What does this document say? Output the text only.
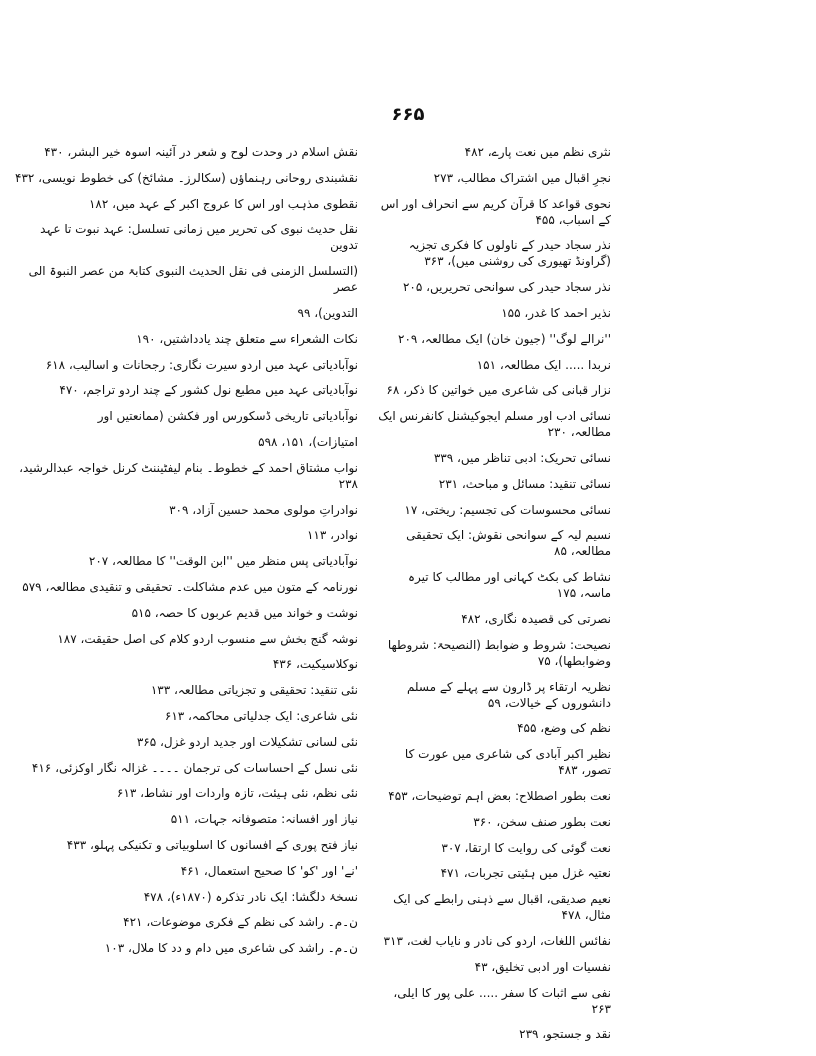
۶۶۵
نثری نظم میں نعت پارے، ۴۸۲
نجرِ اقبال میں اشتراک مطالب، ۲۷۳
نحوی قواعد کا قرآن کریم سے انحراف اور اس کے اسباب، ۴۵۵
نذر سجاد حیدر کے ناولوں کا فکری تجزیہ (گراونڈ تھیوری کی روشنی میں)، ۳۶۳
نذر سجاد حیدر کی سوانحی تحریریں، ۲۰۵
نذیر احمد کا غدر، ۱۵۵
''نرالے لوگ'' (جیون خان) ایک مطالعہ، ۲۰۹
نربدا ..... ایک مطالعہ، ۱۵۱
نزار قبانی کی شاعری میں خواتین کا ذکر، ۶۸
نسائی ادب اور مسلم ایجوکیشنل کانفرنس ایک مطالعہ، ۲۳۰
نسائی تحریک: ادبی تناظر میں، ۳۳۹
نسائی تنقید: مسائل و مباحث، ۲۳۱
نسائی محسوسات کی تجسیم: ریختی، ۱۷
نسیم لیہ کے سوانحی نقوش: ایک تحقیقی مطالعہ، ۸۵
نشاط کی بکٹ کہانی اور مطالب کا تیرہ ماسہ، ۱۷۵
نصرتی کی قصیدہ نگاری، ۴۸۲
نصیحت: شروط و ضوابط (النصیحۃ: شروطھا وضوابطھا)، ۷۵
نظریہ ارتقاء پر ڈارون سے پہلے کے مسلم دانشوروں کے خیالات، ۵۹
نظم کی وضع، ۴۵۵
نظیر اکبر آبادی کی شاعری میں عورت کا تصور، ۴۸۳
نعت بطور اصطلاح: بعض اہم توضیحات، ۴۵۳
نعت بطور صنف سخن، ۳۶۰
نعت گوئی کی روایت کا ارتقا، ۳۰۷
نعتیہ غزل میں ہئیتی تجربات، ۴۷۱
نعیم صدیقی، اقبال سے ذہنی رابطے کی ایک مثال، ۴۷۸
نفائس اللغات، اردو کی نادر و نایاب لغت، ۳۱۳
نفسیات اور ادبی تخلیق، ۴۳
نفی سے اثبات کا سفر ..... علی پور کا ایلی، ۲۶۳
نقد و جستجو، ۲۳۹
نقش اسلام در وحدت لوح و شعر در آئینہ اسوہ خیر البشر، ۴۳۰
نقشبندی روحانی رہنماؤں (سکالرز۔ مشائخ) کی خطوط نویسی، ۴۳۲
نقطوی مذہب اور اس کا عروج اکبر کے عہد میں، ۱۸۲
نقل حدیث نبوی کی تحریر میں زمانی تسلسل: عہد نبوت تا عہد تدوین
(التسلسل الزمنی فی نقل الحدیث النبوی کتابۃ من عصر النبوۃ الی عصر
التدوین)، ۹۹
نکات الشعراء سے متعلق چند یادداشتیں، ۱۹۰
نوآبادیاتی عہد میں اردو سیرت نگاری: رجحانات و اسالیب، ۶۱۸
نوآبادیاتی عہد میں مطبع نول کشور کے چند اردو تراجم، ۴۷۰
نوآبادیاتی تاریخی ڈسکورس اور فکشن (ممانعتیں اور
امتیازات)، ۱۵۱، ۵۹۸
نواب مشتاق احمد کے خطوط۔ بنام لیفٹیننٹ کرنل خواجہ عبدالرشید، ۲۳۸
نوادراتِ مولوی محمد حسین آزاد، ۳۰۹
نوادر، ۱۱۳
نوآبادیاتی پس منظر میں ''ابن الوقت'' کا مطالعہ، ۲۰۷
نورنامہ کے متون میں عدم مشاکلت۔ تحقیقی و تنقیدی مطالعہ، ۵۷۹
نوشت و خواند میں قدیم عربوں کا حصہ، ۵۱۵
نوشہ گنج بخش سے منسوب اردو کلام کی اصل حقیقت، ۱۸۷
نوکلاسیکیت، ۴۳۶
نئی تنقید: تحقیقی و تجزیاتی مطالعہ، ۱۳۳
نئی شاعری: ایک جدلیاتی محاکمہ، ۶۱۳
نئی لسانی تشکیلات اور جدید اردو غزل، ۳۶۵
نئی نسل کے احساسات کی ترجمان ۔۔۔۔ غزالہ نگار اوکزئی، ۴۱۶
نئی نظم، نئی ہیئت، تازہ واردات اور نشاط، ۶۱۳
نیاز اور افسانہ: متصوفانہ جہات، ۵۱۱
نیاز فتح پوری کے افسانوں کا اسلوبیاتی و تکنیکی پہلو، ۴۳۳
'نے' اور 'کو' کا صحیح استعمال، ۴۶۱
نسخۂ دلگشا: ایک نادر تذکرہ (۱۸۷۰ء)، ۴۷۸
ن۔م۔ راشد کی نظم کے فکری موضوعات، ۴۲۱
ن۔م۔ راشد کی شاعری میں دام و دد کا ملال، ۱۰۳
